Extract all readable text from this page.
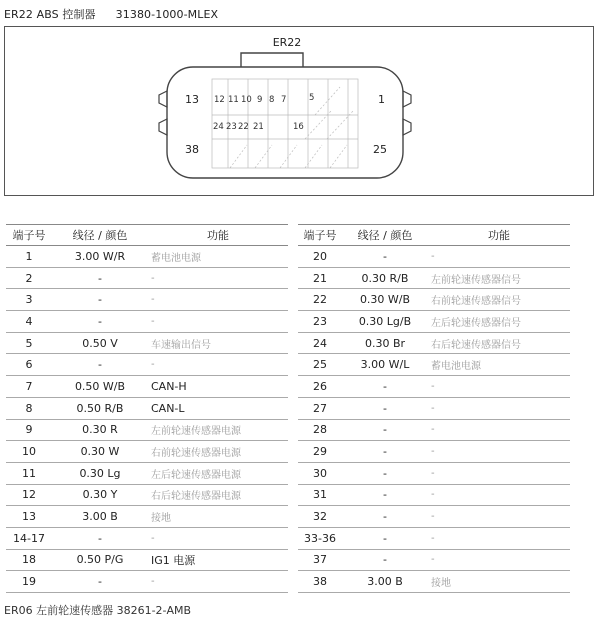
ER22 ABS 控制器 31380-1000-MLEX
ER22
13	1
38	25
12 11 10 9 8 7	5
24 23 22 21	16
端子号	线径 / 颜色	功能
1	3.00 W/R	蓄电池电源
2	-	-
3	-	-
4	-	-
5	0.50 V	车速输出信号
6	-	-
7	0.50 W/B	CAN-H
8	0.50 R/B	CAN-L
9	0.30 R	左前轮速传感器电源
10	0.30 W	右前轮速传感器电源
11	0.30 Lg	左后轮速传感器电源
12	0.30 Y	右后轮速传感器电源
13	3.00 B	接地
14-17	-	-
18	0.50 P/G	IG1 电源
19	-	-
端子号	线径 / 颜色	功能
20	-	-
21	0.30 R/B	左前轮速传感器信号
22	0.30 W/B	右前轮速传感器信号
23	0.30 Lg/B	左后轮速传感器信号
24	0.30 Br	右后轮速传感器信号
25	3.00 W/L	蓄电池电源
26	-	-
27	-	-
28	-	-
29	-	-
30	-	-
31	-	-
32	-	-
33-36	-	-
37	-	-
38	3.00 B	接地
ER06 左前轮速传感器 38261-2-AMB
